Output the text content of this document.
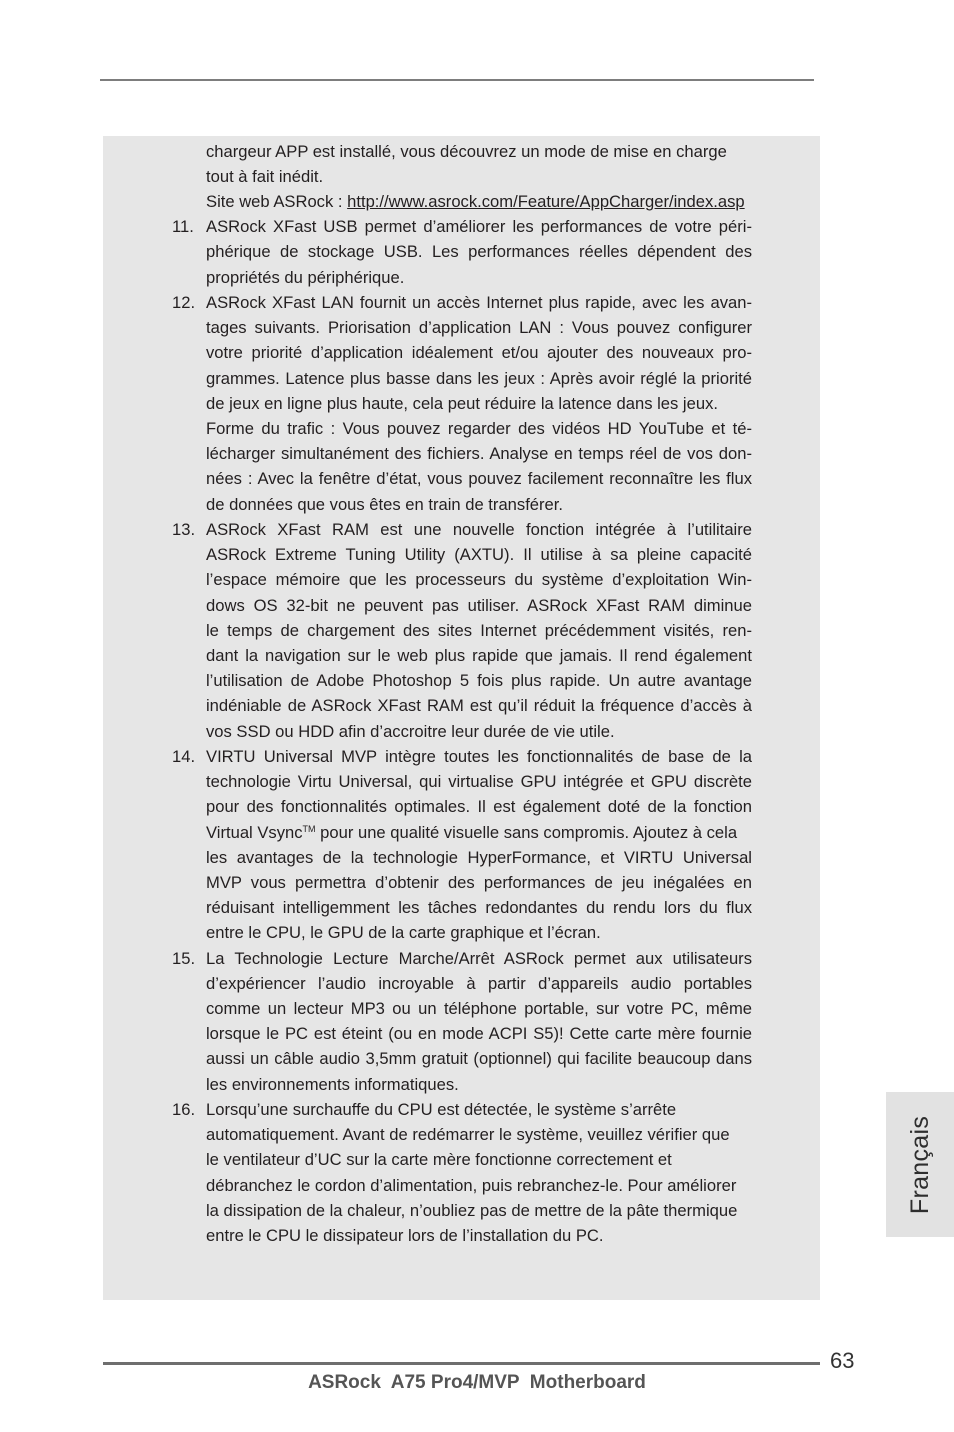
chargeur APP est installé, vous découvrez un mode de mise en charge
tout à fait inédit.
Site web ASRock : http://www.asrock.com/Feature/AppCharger/index.asp
11. ASRock XFast USB permet d’améliorer les performances de votre péri-
phérique de stockage USB. Les performances réelles dépendent des
propriétés du périphérique.
12. ASRock XFast LAN fournit un accès Internet plus rapide, avec les avan-
tages suivants. Priorisation d’application LAN : Vous pouvez configurer
votre priorité d’application idéalement et/ou ajouter des nouveaux pro-
grammes. Latence plus basse dans les jeux : Après avoir réglé la priorité
de jeux en ligne plus haute, cela peut réduire la latence dans les jeux.
Forme du trafic : Vous pouvez regarder des vidéos HD YouTube et té-
lécharger simultanément des fichiers. Analyse en temps réel de vos don-
nées : Avec la fenêtre d’état, vous pouvez facilement reconnaître les flux
de données que vous êtes en train de transférer.
13. ASRock XFast RAM est une nouvelle fonction intégrée à l’utilitaire
ASRock Extreme Tuning Utility (AXTU). Il utilise à sa pleine capacité
l’espace mémoire que les processeurs du système d’exploitation Win-
dows OS 32-bit ne peuvent pas utiliser. ASRock XFast RAM diminue
le temps de chargement des sites Internet précédemment visités, ren-
dant la navigation sur le web plus rapide que jamais. Il rend également
l’utilisation de Adobe Photoshop 5 fois plus rapide. Un autre avantage
indéniable de ASRock XFast RAM est qu’il réduit la fréquence d’accès à
vos SSD ou HDD afin d’accroitre leur durée de vie utile.
14. VIRTU Universal MVP intègre toutes les fonctionnalités de base de la
technologie Virtu Universal, qui virtualise GPU intégrée et GPU discrète
pour des fonctionnalités optimales. Il est également doté de la fonction
Virtual Vsync™ pour une qualité visuelle sans compromis. Ajoutez à cela
les avantages de la technologie HyperFormance, et VIRTU Universal
MVP vous permettra d’obtenir des performances de jeu inégalées en
réduisant intelligemment les tâches redondantes du rendu lors du flux
entre le CPU, le GPU de la carte graphique et l’écran.
15. La Technologie Lecture Marche/Arrêt ASRock permet aux utilisateurs
d’expériencer l’audio incroyable à partir d’appareils audio portables
comme un lecteur MP3 ou un téléphone portable, sur votre PC, même
lorsque le PC est éteint (ou en mode ACPI S5)! Cette carte mère fournie
aussi un câble audio 3,5mm gratuit (optionnel) qui facilite beaucoup dans
les environnements informatiques.
16. Lorsqu’une surchauffe du CPU est détectée, le système s’arrête
automatiquement. Avant de redémarrer le système, veuillez vérifier que
le ventilateur d’UC sur la carte mère fonctionne correctement et
débranchez le cordon d’alimentation, puis rebranchez-le. Pour améliorer
la dissipation de la chaleur, n’oubliez pas de mettre de la pâte thermique
entre le CPU le dissipateur lors de l’installation du PC.
Français
63
ASRock  A75 Pro4/MVP  Motherboard
